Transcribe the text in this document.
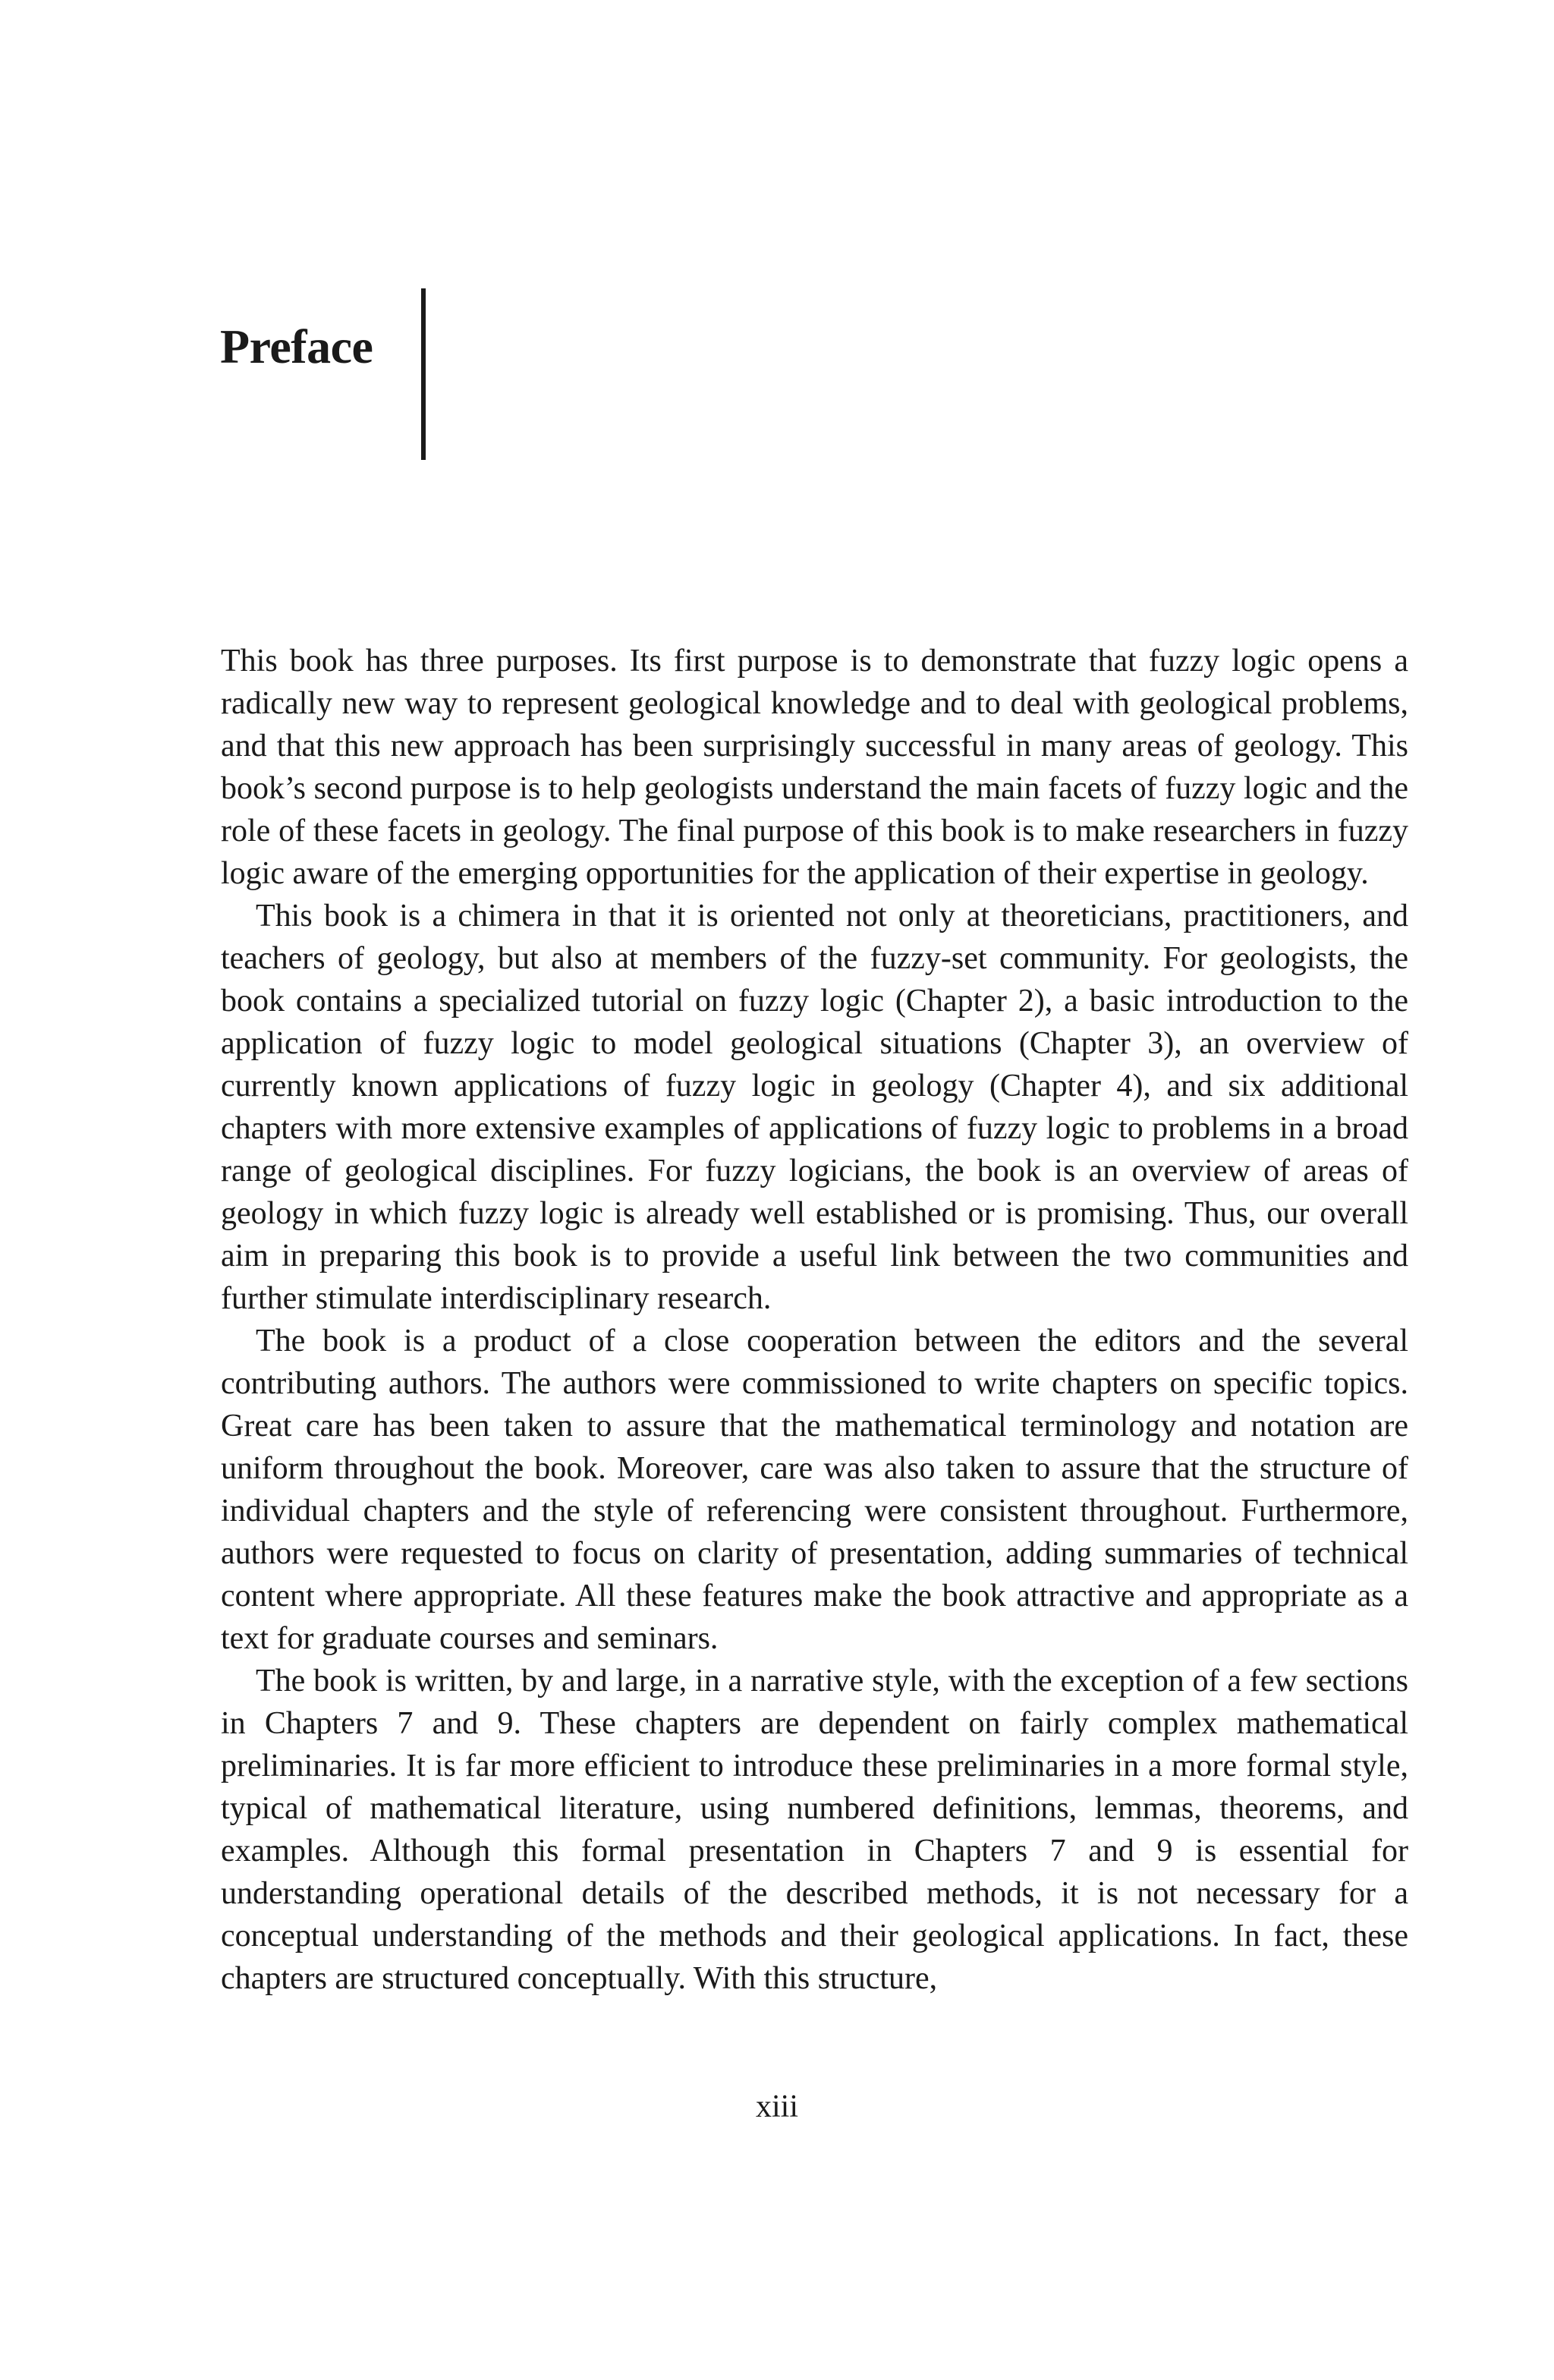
Preface

This book has three purposes. Its first purpose is to demonstrate that fuzzy logic opens a radically new way to represent geological knowledge and to deal with geological problems, and that this new approach has been surprisingly successful in many areas of geology. This book’s second purpose is to help geologists understand the main facets of fuzzy logic and the role of these facets in geology. The final purpose of this book is to make researchers in fuzzy logic aware of the emerging opportunities for the application of their expertise in geology.

This book is a chimera in that it is oriented not only at theoreticians, practitioners, and teachers of geology, but also at members of the fuzzy-set community. For geologists, the book contains a specialized tutorial on fuzzy logic (Chapter 2), a basic introduction to the application of fuzzy logic to model geological situations (Chapter 3), an overview of currently known applications of fuzzy logic in geology (Chapter 4), and six additional chapters with more extensive examples of applications of fuzzy logic to problems in a broad range of geological disciplines. For fuzzy logicians, the book is an overview of areas of geology in which fuzzy logic is already well established or is promising. Thus, our overall aim in preparing this book is to provide a useful link between the two communities and further stimulate interdisciplinary research.

The book is a product of a close cooperation between the editors and the several contributing authors. The authors were commissioned to write chapters on specific topics. Great care has been taken to assure that the mathematical terminology and notation are uniform throughout the book. Moreover, care was also taken to assure that the structure of individual chapters and the style of referencing were consistent throughout. Furthermore, authors were requested to focus on clarity of presentation, adding summaries of technical content where appropriate. All these features make the book attractive and appropriate as a text for graduate courses and seminars.

The book is written, by and large, in a narrative style, with the exception of a few sections in Chapters 7 and 9. These chapters are dependent on fairly complex mathematical preliminaries. It is far more efficient to introduce these preliminaries in a more formal style, typical of mathematical literature, using numbered definitions, lemmas, theorems, and examples. Although this formal presentation in Chapters 7 and 9 is essential for understanding operational details of the described methods, it is not necessary for a conceptual understanding of the methods and their geological applications. In fact, these chapters are structured conceptually. With this structure,

xiii
